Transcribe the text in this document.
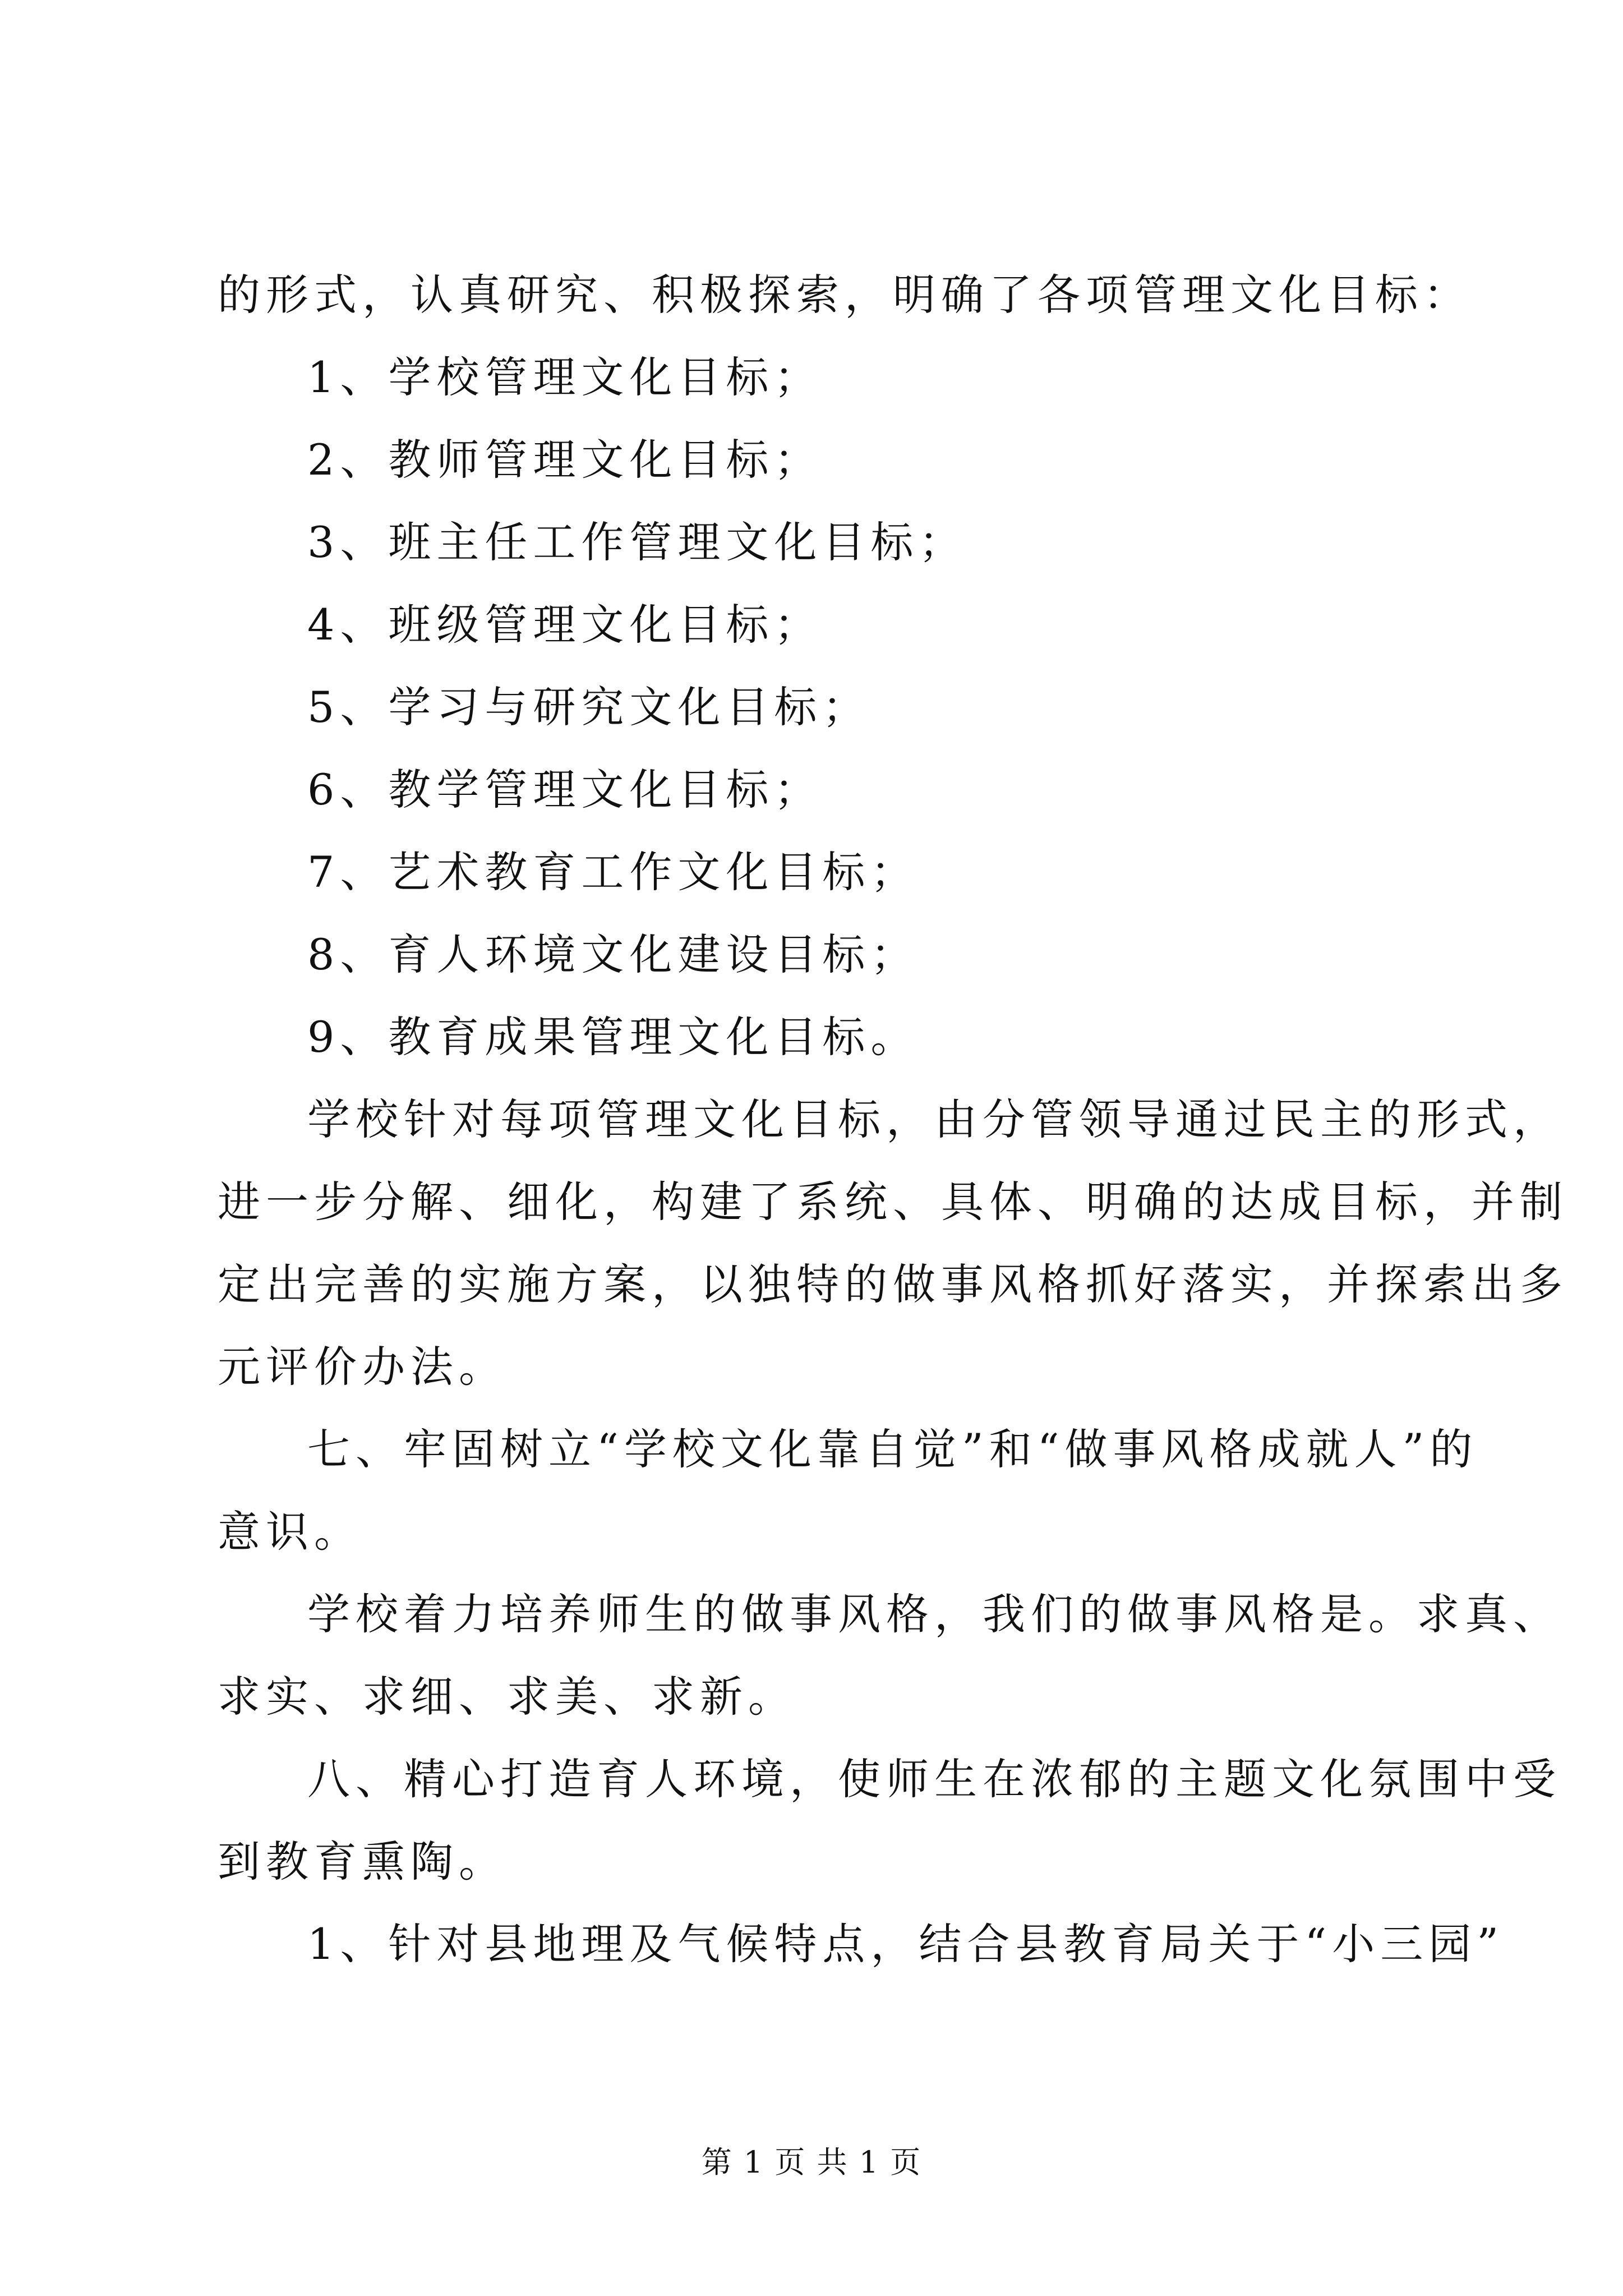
的形式，认真研究、积极探索，明确了各项管理文化目标：
1、学校管理文化目标；
2、教师管理文化目标；
3、班主任工作管理文化目标；
4、班级管理文化目标；
5、学习与研究文化目标；
6、教学管理文化目标；
7、艺术教育工作文化目标；
8、育人环境文化建设目标；
9、教育成果管理文化目标。
学校针对每项管理文化目标，由分管领导通过民主的形式，
进一步分解、细化，构建了系统、具体、明确的达成目标，并制
定出完善的实施方案，以独特的做事风格抓好落实，并探索出多
元评价办法。
七、牢固树立“学校文化靠自觉”和“做事风格成就人”的
意识。
学校着力培养师生的做事风格，我们的做事风格是。求真、
求实、求细、求美、求新。
八、精心打造育人环境，使师生在浓郁的主题文化氛围中受
到教育熏陶。
1、针对县地理及气候特点，结合县教育局关于“小三园”
第 1 页 共 1 页
